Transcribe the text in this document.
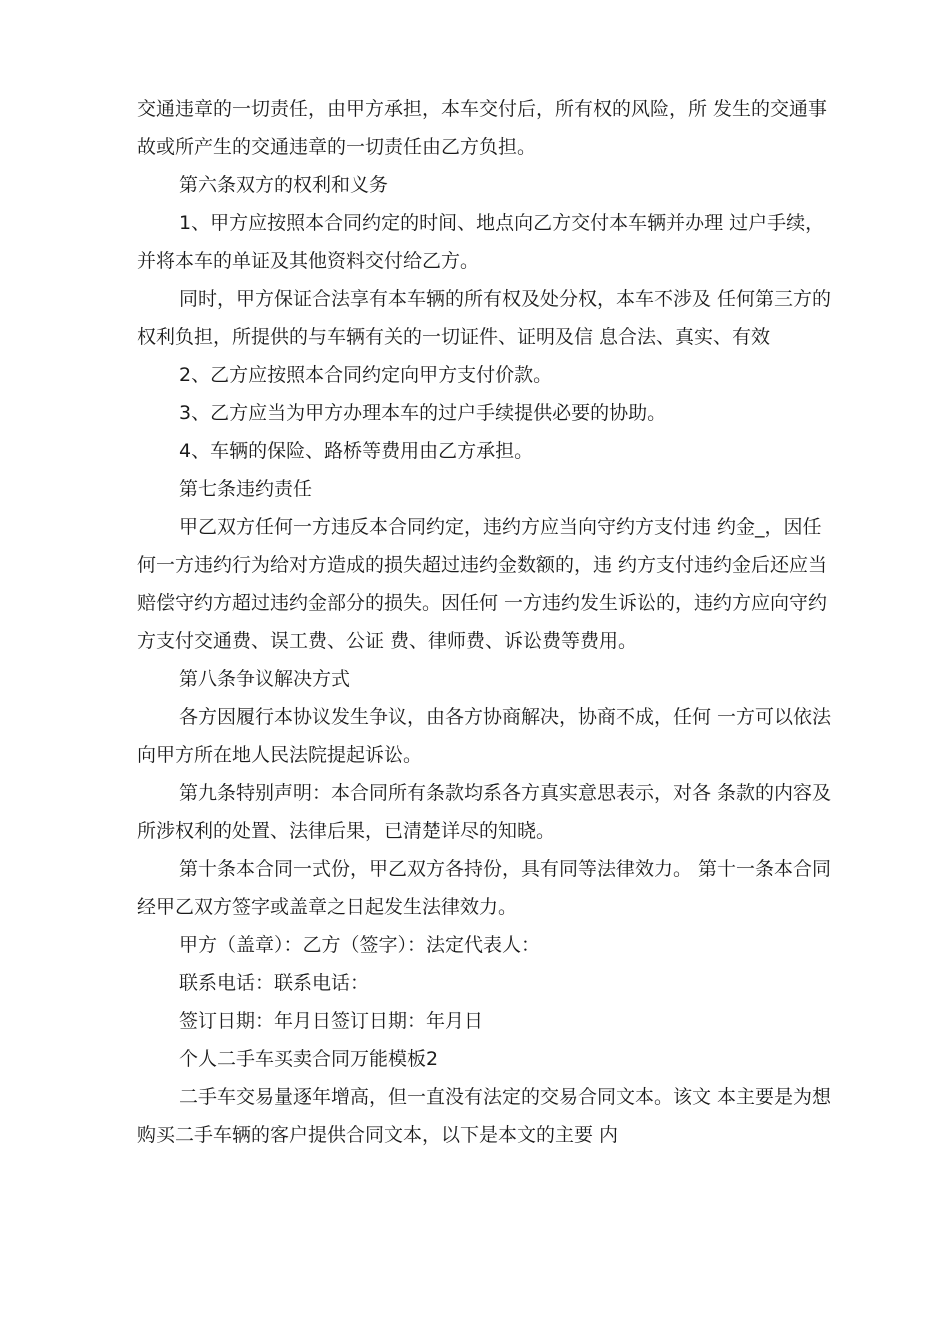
交通违章的一切责任，由甲方承担，本车交付后，所有权的风险，所 发生的交通事故或所产生的交通违章的一切责任由乙方负担。

第六条双方的权利和义务

1、甲方应按照本合同约定的时间、地点向乙方交付本车辆并办理 过户手续，并将本车的单证及其他资料交付给乙方。

同时，甲方保证合法享有本车辆的所有权及处分权，本车不涉及 任何第三方的权利负担，所提供的与车辆有关的一切证件、证明及信 息合法、真实、有效

2、乙方应按照本合同约定向甲方支付价款。

3、乙方应当为甲方办理本车的过户手续提供必要的协助。

4、车辆的保险、路桥等费用由乙方承担。

第七条违约责任

甲乙双方任何一方违反本合同约定，违约方应当向守约方支付违 约金_，因任何一方违约行为给对方造成的损失超过违约金数额的，违 约方支付违约金后还应当赔偿守约方超过违约金部分的损失。因任何 一方违约发生诉讼的，违约方应向守约方支付交通费、误工费、公证 费、律师费、诉讼费等费用。

第八条争议解决方式

各方因履行本协议发生争议，由各方协商解决，协商不成，任何 一方可以依法向甲方所在地人民法院提起诉讼。

第九条特别声明：本合同所有条款均系各方真实意思表示，对各 条款的内容及所涉权利的处置、法律后果，已清楚详尽的知晓。

第十条本合同一式份，甲乙双方各持份，具有同等法律效力。 第十一条本合同经甲乙双方签字或盖章之日起发生法律效力。

甲方（盖章）：乙方（签字）：法定代表人：

联系电话：联系电话：

签订日期：年月日签订日期：年月日

个人二手车买卖合同万能模板2

二手车交易量逐年增高，但一直没有法定的交易合同文本。该文 本主要是为想购买二手车辆的客户提供合同文本，以下是本文的主要 内
